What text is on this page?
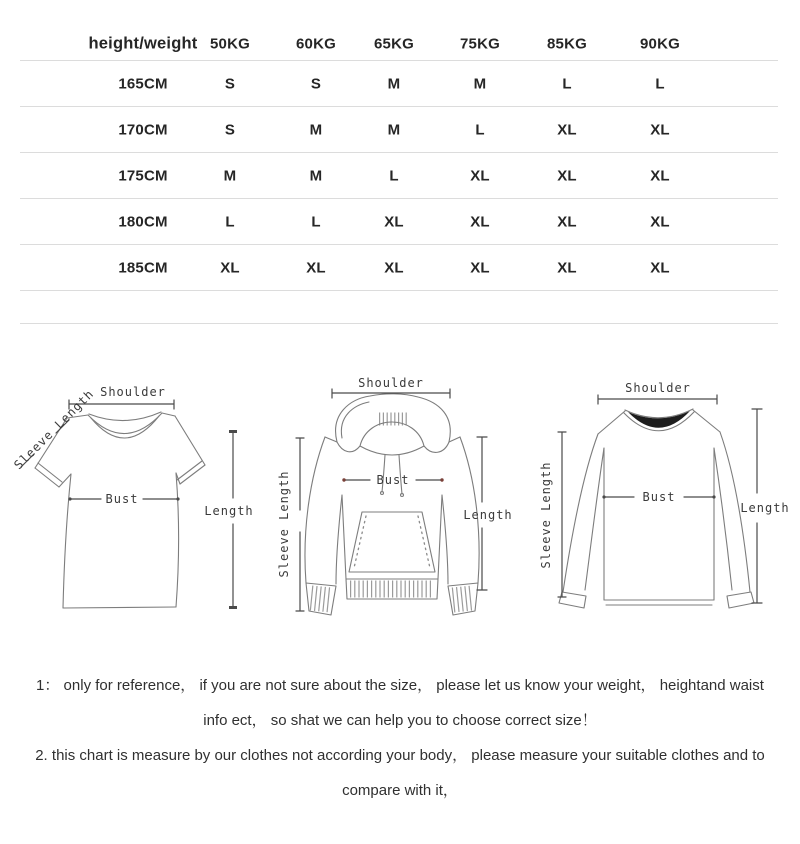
height/weight 50KG	60KG	65KG	75KG	85KG	90KG
165CM	S	S	M	M	L	L
170CM	S	M	M	L	XL	XL
175CM	M	M	L	XL	XL	XL
180CM	L	L	XL	XL	XL	XL
185CM	XL	XL	XL	XL	XL	XL
Shoulder
Bust
Length
Sleeve Length
Shoulder
Bust
Length
Sleeve Length
Shoulder
Bust
Length
Sleeve Length
1： only for reference， if you are not sure about the size， please let us know your weight， heightand waist
info ect， so shat we can help you to choose correct size！
2. this chart is measure by our clothes not according your body， please measure your suitable clothes and to
compare with it，
